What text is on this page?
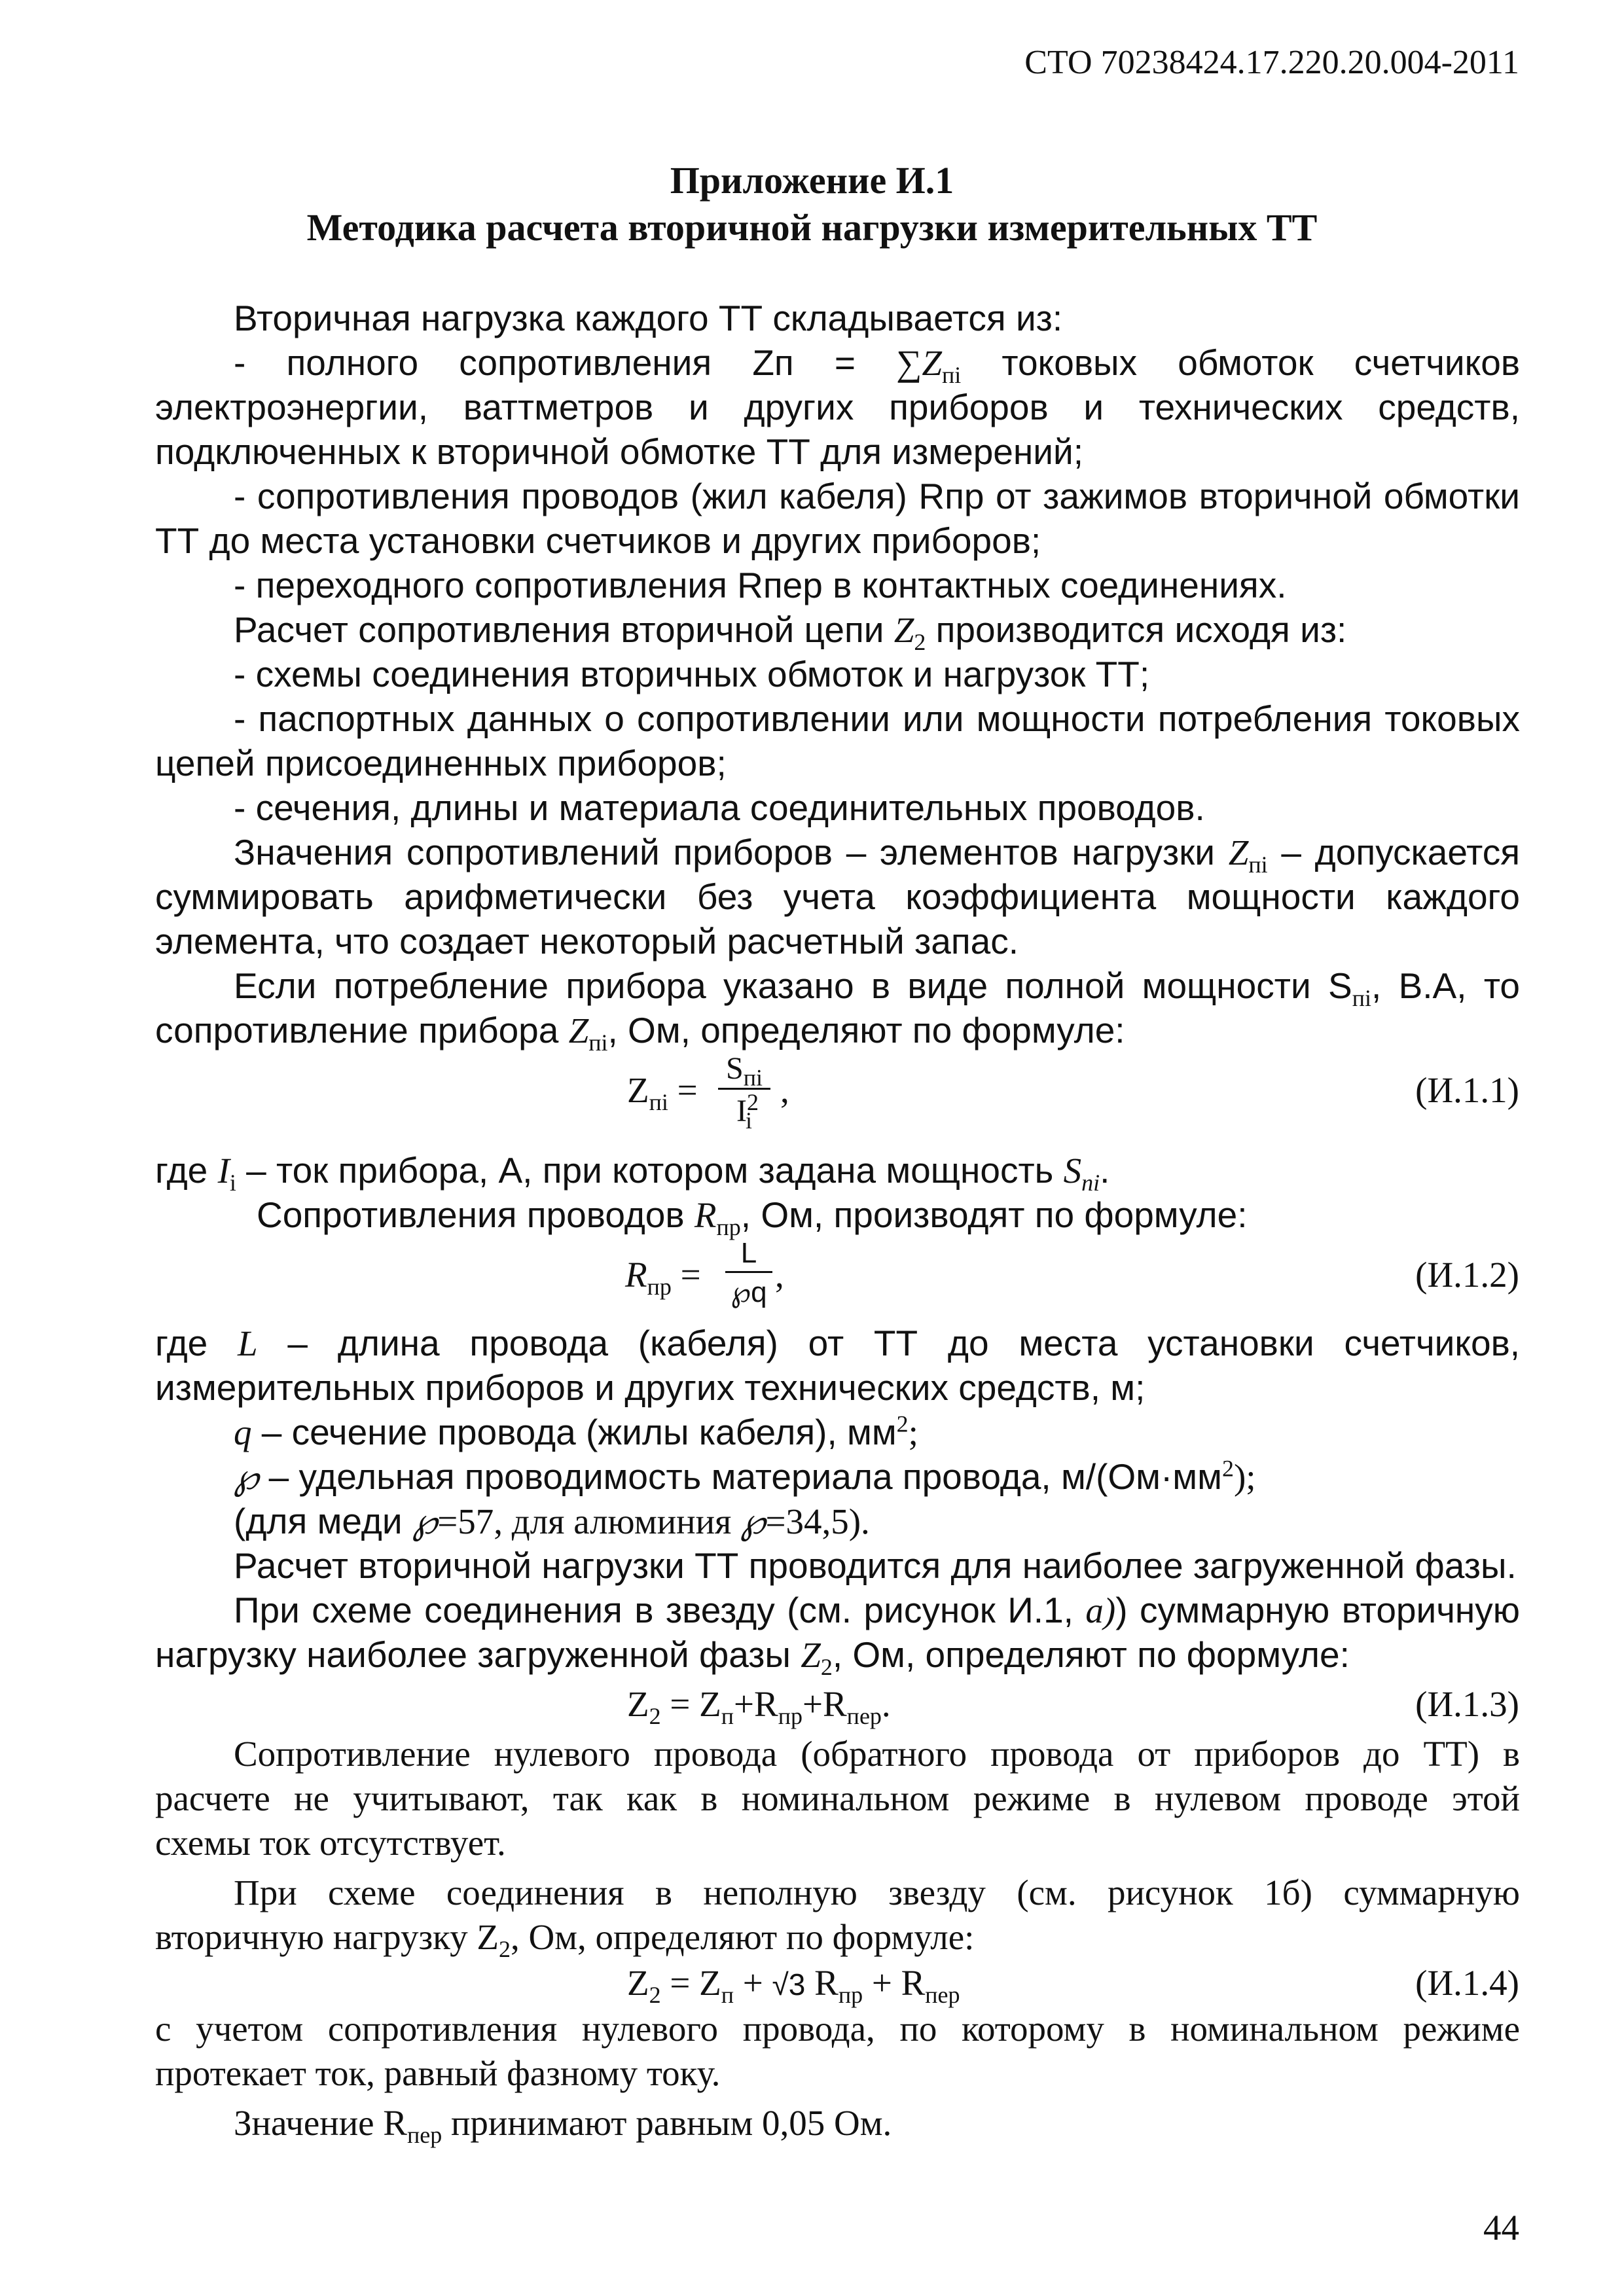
СТО 70238424.17.220.20.004-2011
Приложение И.1
Методика расчета вторичной нагрузки измерительных ТТ
Вторичная нагрузка каждого ТТ складывается из:
- полного сопротивления Zп = $\sum Z_{пi}$ токовых обмоток счетчиков
электроэнергии, ваттметров и других приборов и технических средств,
подключенных к вторичной обмотке ТТ для измерений;
- сопротивления проводов (жил кабеля) Rпр от зажимов вторичной обмотки
ТТ до места установки счетчиков и других приборов;
- переходного сопротивления Rпер в контактных соединениях.
Расчет сопротивления вторичной цепи $Z_2$ производится исходя из:
- схемы соединения вторичных обмоток и нагрузок ТТ;
- паспортных данных о сопротивлении или мощности потребления токовых
цепей присоединенных приборов;
- сечения, длины и материала соединительных проводов.
Значения сопротивлений приборов – элементов нагрузки $Z_{пi}$ – допускается
суммировать арифметически без учета коэффициента мощности каждого
элемента, что создает некоторый расчетный запас.
Если потребление прибора указано в виде полной мощности $S_{пi}$, В.А, то
сопротивление прибора $Z_{пi}$, Ом, определяют по формуле:
$Z_{пi}$ =
$S_{пi}$
$I^2_i$
,	(И.1.1)
где $I_i$ – ток прибора, А, при котором задана мощность $S_{пi}$.
Сопротивления проводов $R_{пр}$, Ом, производят по формуле:
$R_{пр}$ =
L
℘q ,	(И.1.2)
где L – длина провода (кабеля) от ТТ до места установки счетчиков,
измерительных приборов и других технических средств, м;
q – сечение провода (жилы кабеля), $мм^2$;
℘ – удельная проводимость материала провода, $м/(Ом\cdot мм^2)$;
(для меди ℘=57, для алюминия ℘=34,5).
Расчет вторичной нагрузки ТТ проводится для наиболее загруженной фазы.
При схеме соединения в звезду (см. рисунок И.1, а)) суммарную вторичную
нагрузку наиболее загруженной фазы $Z_2$, Ом, определяют по формуле:
$Z_2 = Z_п+R_{пр}+R_{пер}$.	(И.1.3)
Сопротивление нулевого провода (обратного провода от приборов до ТТ) в
расчете не учитывают, так как в номинальном режиме в нулевом проводе этой
схемы ток отсутствует.
При схеме соединения в неполную звезду (см. рисунок 1б) суммарную
вторичную нагрузку $Z_2$, Ом, определяют по формуле:
$Z_2 = Z_п + √3$ $R_{пр} + R_{пер}$	(И.1.4)
с учетом сопротивления нулевого провода, по которому в номинальном режиме
протекает ток, равный фазному току.
Значение $R_{пер}$ принимают равным 0,05 Ом.
44
